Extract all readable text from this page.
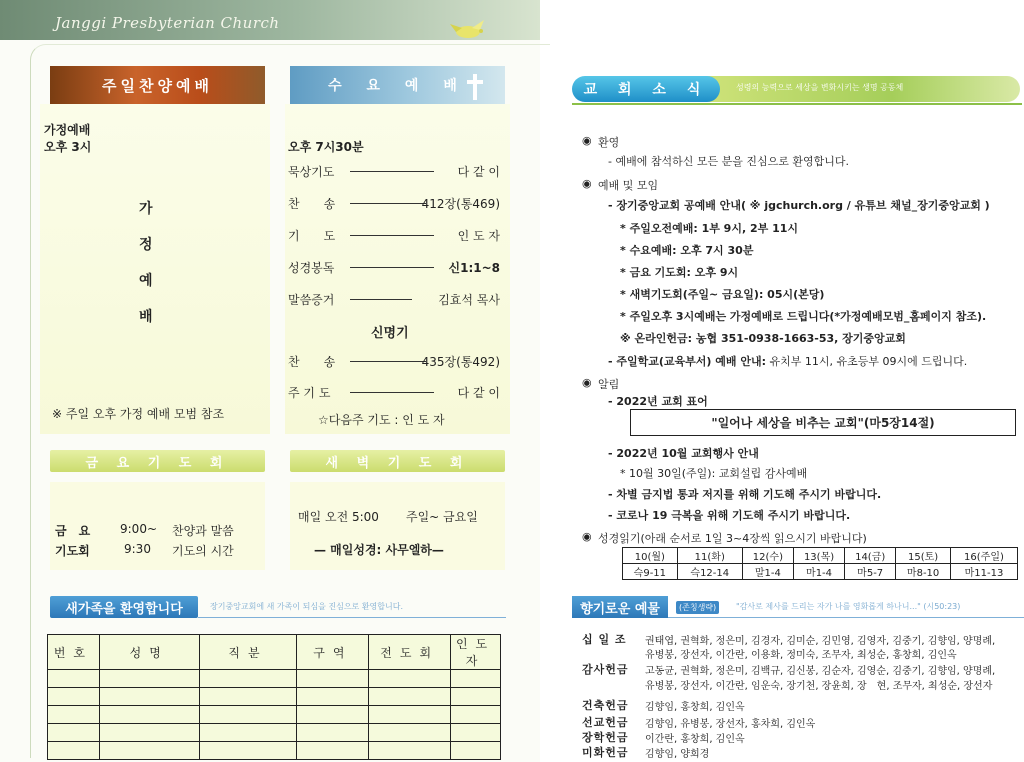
Janggi Presbyterian Church
주일찬양예배
가정예배
오후 3시
가
정
예
배
※ 주일 오후 가정 예배 모범 참조
수 요 예 배
오후 7시30분
묵상기도	다 같 이
찬　　송	412장(통469)
기　　도	인 도 자
성경봉독	신1:1~8
말씀증거	김효석 목사
신명기
찬　　송	435장(통492)
주 기 도	다 같 이
☆다음주 기도 : 인 도 자
금 요 기 도 회
금　요 9:00~ 찬양과 말씀
기도회	9:30 기도의 시간
새 벽 기 도 회
매일 오전 5:00 주일~ 금요일
— 매일성경: 사무엘하—
새가족을 환영합니다	장기중앙교회에 새 가족이 되심을 진심으로 환영합니다.
번호	성명	직분	구역	전도회	인도자

교 회 소 식	성령의 능력으로 세상을 변화시키는 생명 공동체
◉ 환영
- 예배에 참석하신 모든 분을 진심으로 환영합니다.
◉ 예배 및 모임
- 장기중앙교회 공예배 안내( ※ jgchurch.org / 유튜브 채널_장기중앙교회 )
* 주일오전예배: 1부 9시, 2부 11시
* 수요예배: 오후 7시 30분
* 금요 기도회: 오후 9시
* 새벽기도회(주일~ 금요일): 05시(본당)
* 주일오후 3시예배는 가정예배로 드립니다(*가정예배모범_홈페이지 참조).
※ 온라인헌금: 농협 351-0938-1663-53, 장기중앙교회
- 주일학교(교육부서) 예배 안내: 유치부 11시, 유초등부 09시에 드립니다.
◉ 알림
- 2022년 교회 표어
"일어나 세상을 비추는 교회"(마5장14절)
- 2022년 10월 교회행사 안내
* 10월 30일(주일): 교회설립 감사예배
- 차별 금지법 통과 저지를 위해 기도해 주시기 바랍니다.
- 코로나 19 극복을 위해 기도해 주시기 바랍니다.
◉ 성경읽기(아래 순서로 1일 3~4장씩 읽으시기 바랍니다)
10(월)	11(화)	12(수)	13(목)	14(금)	15(토)	16(주일)
슥9-11	슥12-14	말1-4	마1-4	마5-7	마8-10	마11-13
향기로운 예물	(존칭생략)	"감사로 제사를 드리는 자가 나를 영화롭게 하나니..." (시50:23)
십 일 조 권태엽, 권혁화, 정은미, 김경자, 김미순, 김민영, 김영자, 김중기, 김향임, 양명례,
유병봉, 장선자, 이간란, 이용화, 정미숙, 조무자, 최성순, 홍창희, 김인옥
감사헌금 고동균, 권혁화, 정은미, 김백규, 김신봉, 김순자, 김영순, 김중기, 김향임, 양명례,
유병봉, 장선자, 이간란, 임운숙, 장기천, 장윤희, 장　현, 조무자, 최성순, 장선자
건축헌금 김향임, 홍창희, 김인옥
선교헌금 김향임, 유병봉, 장선자, 홍차희, 김인옥
장학헌금 이간란, 홍창희, 김인옥
미화헌금 김향임, 양희경
